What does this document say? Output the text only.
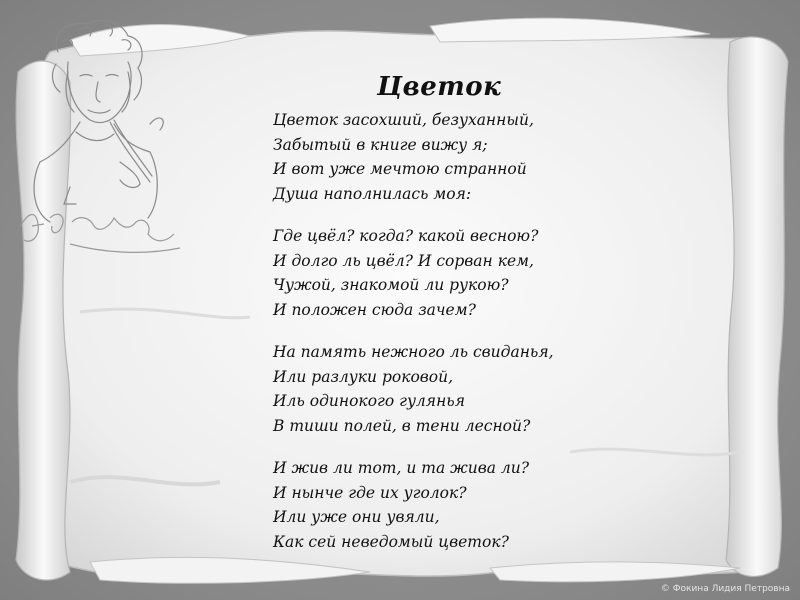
Цветок
Цветок засохший, безуханный,
Забытый в книге вижу я;
И вот уже мечтою странной
Душа наполнилась моя:
Где цвёл? когда? какой весною?
И долго ль цвёл? И сорван кем,
Чужой, знакомой ли рукою?
И положен сюда зачем?
На память нежного ль свиданья,
Или разлуки роковой,
Иль одинокого гулянья
В тиши полей, в тени лесной?
И жив ли тот, и та жива ли?
И нынче где их уголок?
Или уже они увяли,
Как сей неведомый цветок?
© Фокина Лидия Петровна
